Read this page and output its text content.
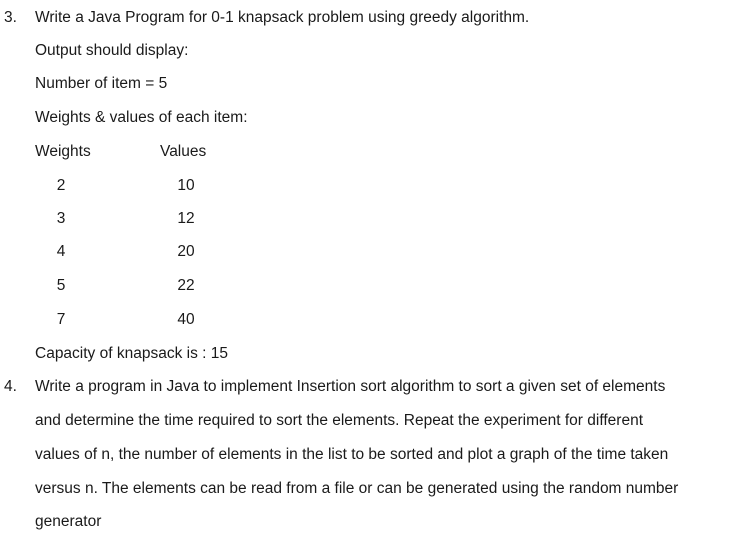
3. Write a Java Program for 0-1 knapsack problem using greedy algorithm.
Output should display:
Number of item = 5
Weights & values of each item:
Weights	Values
2	10
3	12
4	20
5	22
7	40
Capacity of knapsack is : 15
4. Write a program in Java to implement Insertion sort algorithm to sort a given set of elements
and determine the time required to sort the elements. Repeat the experiment for different
values of n, the number of elements in the list to be sorted and plot a graph of the time taken
versus n. The elements can be read from a file or can be generated using the random number
generator
